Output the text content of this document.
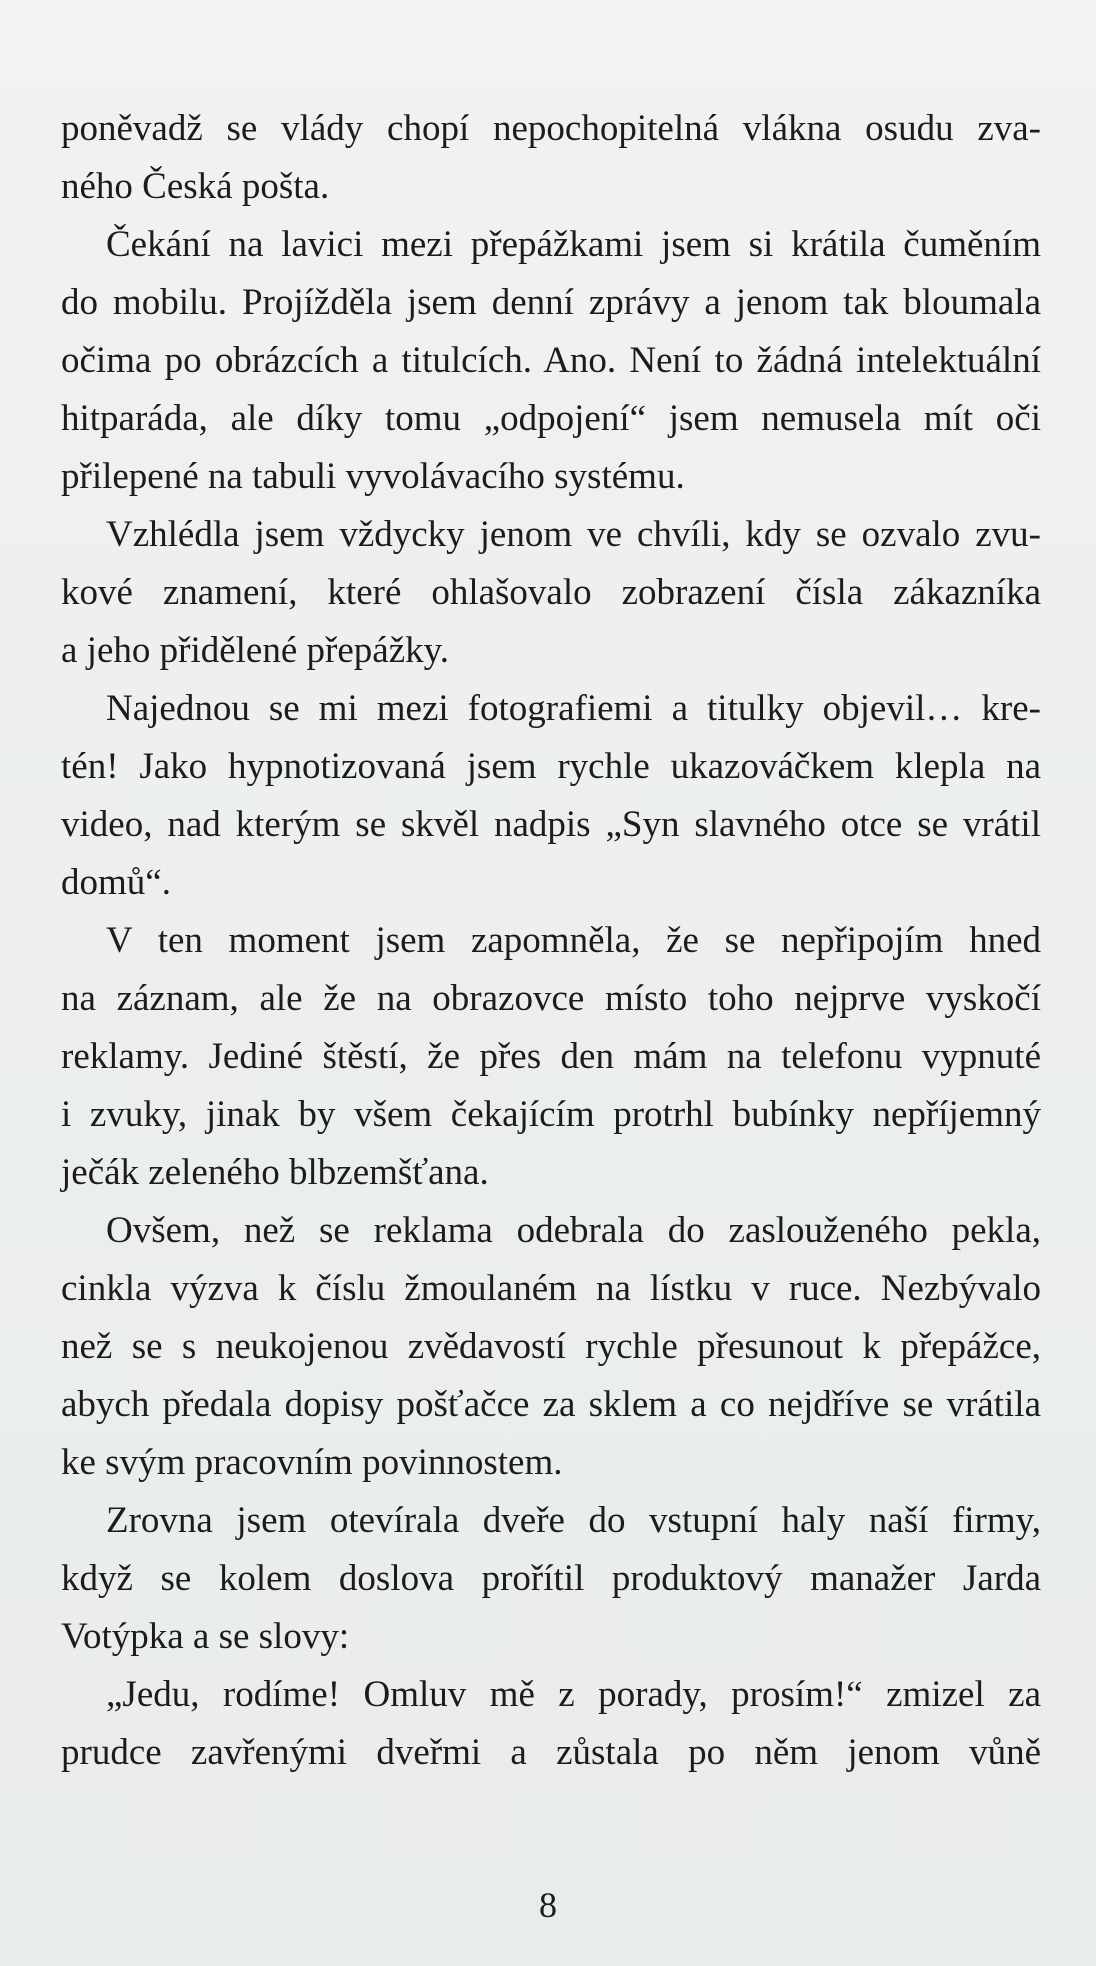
poněvadž se vlády chopí nepochopitelná vlákna osudu zva-
ného Česká pošta.
Čekání na lavici mezi přepážkami jsem si krátila čuměním
do mobilu. Projížděla jsem denní zprávy a jenom tak bloumala
očima po obrázcích a titulcích. Ano. Není to žádná intelektuální
hitparáda, ale díky tomu „odpojení“ jsem nemusela mít oči
přilepené na tabuli vyvolávacího systému.
Vzhlédla jsem vždycky jenom ve chvíli, kdy se ozvalo zvu-
kové znamení, které ohlašovalo zobrazení čísla zákazníka
a jeho přidělené přepážky.
Najednou se mi mezi fotografiemi a titulky objevil… kre-
tén! Jako hypnotizovaná jsem rychle ukazováčkem klepla na
video, nad kterým se skvěl nadpis „Syn slavného otce se vrátil
domů“.
V ten moment jsem zapomněla, že se nepřipojím hned
na záznam, ale že na obrazovce místo toho nejprve vyskočí
reklamy. Jediné štěstí, že přes den mám na telefonu vypnuté
i zvuky, jinak by všem čekajícím protrhl bubínky nepříjemný
ječák zeleného blbzemšťana.
Ovšem, než se reklama odebrala do zaslouženého pekla,
cinkla výzva k číslu žmoulaném na lístku v ruce. Nezbývalo
než se s neukojenou zvědavostí rychle přesunout k přepážce,
abych předala dopisy pošťačce za sklem a co nejdříve se vrátila
ke svým pracovním povinnostem.
Zrovna jsem otevírala dveře do vstupní haly naší firmy,
když se kolem doslova prořítil produktový manažer Jarda
Votýpka a se slovy:
„Jedu, rodíme! Omluv mě z porady, prosím!“ zmizel za
prudce zavřenými dveřmi a zůstala po něm jenom vůně
8
